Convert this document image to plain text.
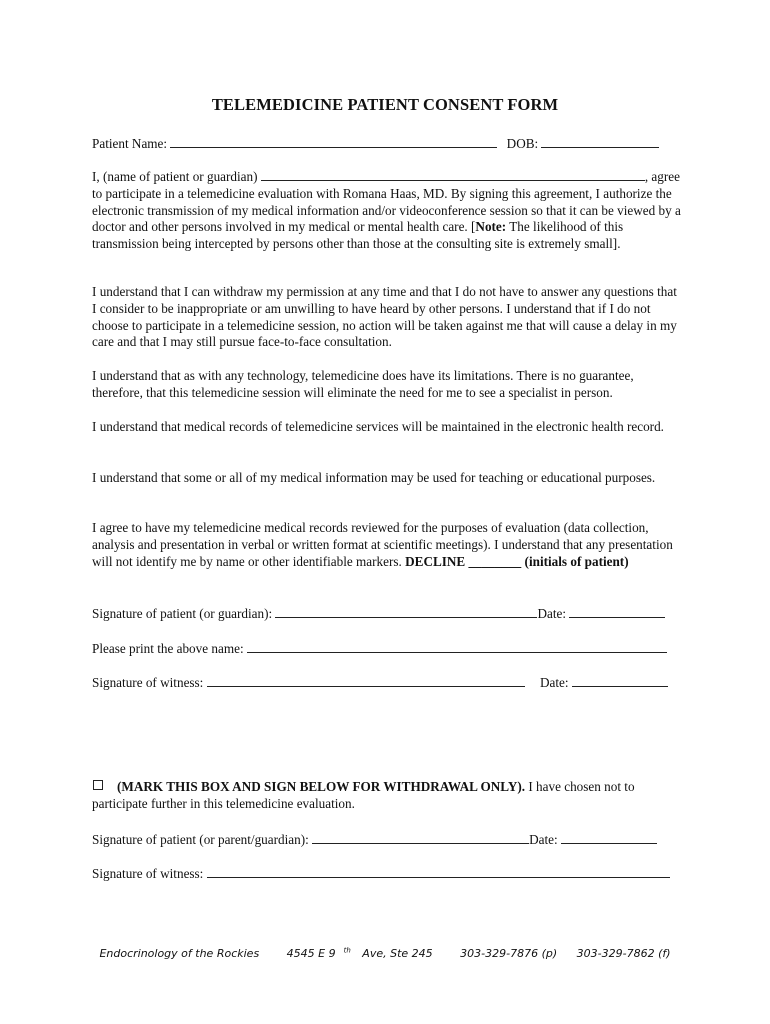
TELEMEDICINE PATIENT CONSENT FORM
Patient Name:	DOB:

I, (name of patient or guardian)	, agree to participate in a telemedicine evaluation with Romana Haas, MD. By signing this agreement, I authorize the electronic transmission of my medical information and/or videoconference session so that it can be viewed by a doctor and other persons involved in my medical or mental health care. [Note: The likelihood of this transmission being intercepted by persons other than those at the consulting site is extremely small].

I understand that I can withdraw my permission at any time and that I do not have to answer any questions that I consider to be inappropriate or am unwilling to have heard by other persons. I understand that if I do not choose to participate in a telemedicine session, no action will be taken against me that will cause a delay in my care and that I may still pursue face-to-face consultation.

I understand that as with any technology, telemedicine does have its limitations. There is no guarantee, therefore, that this telemedicine session will eliminate the need for me to see a specialist in person.

I understand that medical records of telemedicine services will be maintained in the electronic health record.

I understand that some or all of my medical information may be used for teaching or educational purposes.

I agree to have my telemedicine medical records reviewed for the purposes of evaluation (data collection, analysis and presentation in verbal or written format at scientific meetings). I understand that any presentation will not identify me by name or other identifiable markers. DECLINE ________ (initials of patient)

Signature of patient (or guardian):	Date:
Please print the above name:
Signature of witness:	Date:

(MARK THIS BOX AND SIGN BELOW FOR WITHDRAWAL ONLY). I have chosen not to participate further in this telemedicine evaluation.

Signature of patient (or parent/guardian):	Date:
Signature of witness:
Endocrinology of the Rockies	4545 E 9 $^{th}$ Ave, Ste 245	303-329-7876 (p) 303-329-7862 (f)
